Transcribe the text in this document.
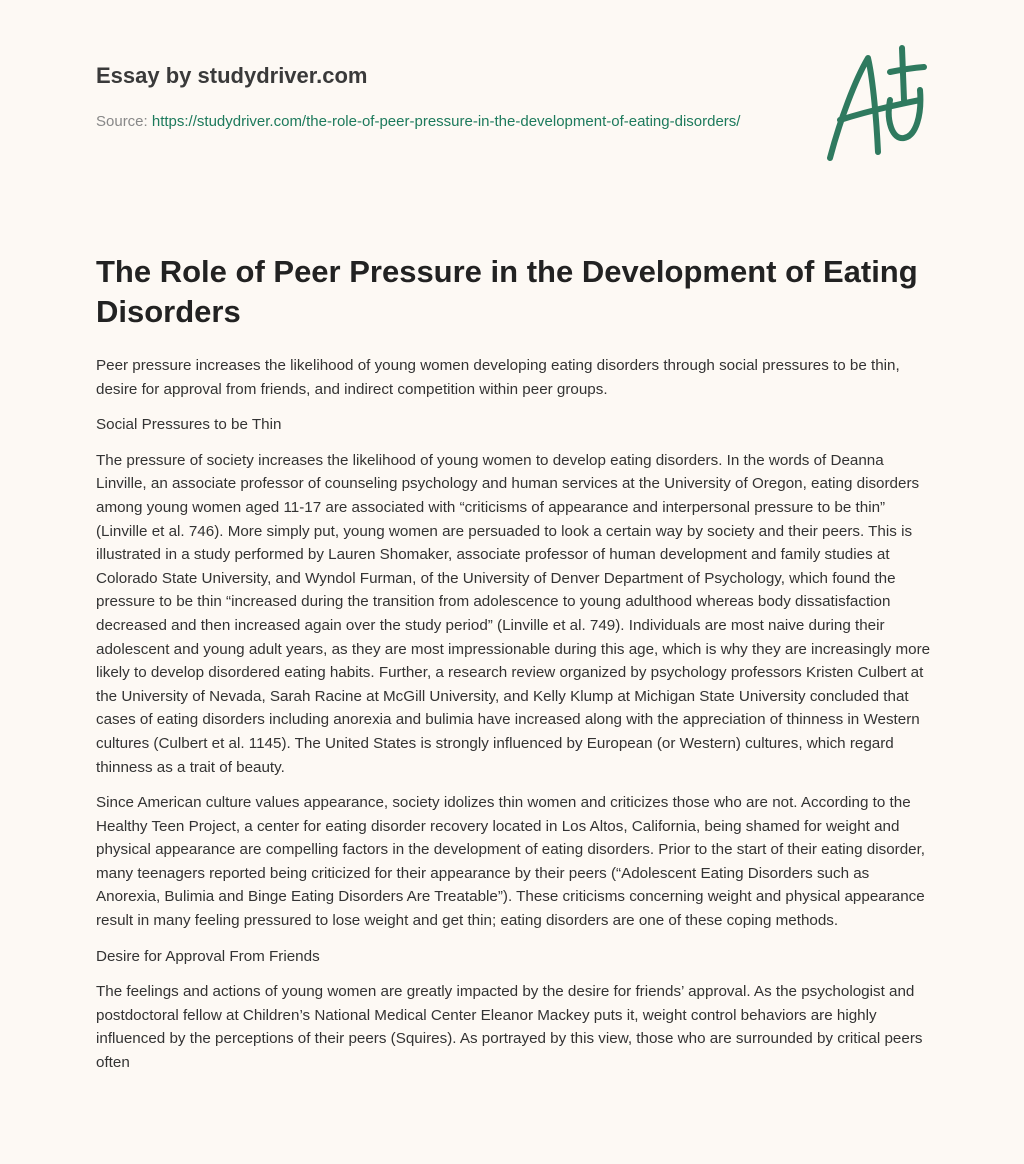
Essay by studydriver.com

Source: https://studydriver.com/the-role-of-peer-pressure-in-the-development-of-eating-disorders/
The Role of Peer Pressure in the Development of Eating Disorders

Peer pressure increases the likelihood of young women developing eating disorders through social pressures to be thin, desire for approval from friends, and indirect competition within peer groups.

Social Pressures to be Thin

The pressure of society increases the likelihood of young women to develop eating disorders. In the words of Deanna Linville, an associate professor of counseling psychology and human services at the University of Oregon, eating disorders among young women aged 11-17 are associated with “criticisms of appearance and interpersonal pressure to be thin” (Linville et al. 746). More simply put, young women are persuaded to look a certain way by society and their peers. This is illustrated in a study performed by Lauren Shomaker, associate professor of human development and family studies at Colorado State University, and Wyndol Furman, of the University of Denver Department of Psychology, which found the pressure to be thin “increased during the transition from adolescence to young adulthood whereas body dissatisfaction decreased and then increased again over the study period” (Linville et al. 749). Individuals are most naive during their adolescent and young adult years, as they are most impressionable during this age, which is why they are increasingly more likely to develop disordered eating habits. Further, a research review organized by psychology professors Kristen Culbert at the University of Nevada, Sarah Racine at McGill University, and Kelly Klump at Michigan State University concluded that cases of eating disorders including anorexia and bulimia have increased along with the appreciation of thinness in Western cultures (Culbert et al. 1145). The United States is strongly influenced by European (or Western) cultures, which regard thinness as a trait of beauty.

Since American culture values appearance, society idolizes thin women and criticizes those who are not. According to the Healthy Teen Project, a center for eating disorder recovery located in Los Altos, California, being shamed for weight and physical appearance are compelling factors in the development of eating disorders. Prior to the start of their eating disorder, many teenagers reported being criticized for their appearance by their peers (“Adolescent Eating Disorders such as Anorexia, Bulimia and Binge Eating Disorders Are Treatable”). These criticisms concerning weight and physical appearance result in many feeling pressured to lose weight and get thin; eating disorders are one of these coping methods.

Desire for Approval From Friends

The feelings and actions of young women are greatly impacted by the desire for friends’ approval. As the psychologist and postdoctoral fellow at Children’s National Medical Center Eleanor Mackey puts it, weight control behaviors are highly influenced by the perceptions of their peers (Squires). As portrayed by this view, those who are surrounded by critical peers often
